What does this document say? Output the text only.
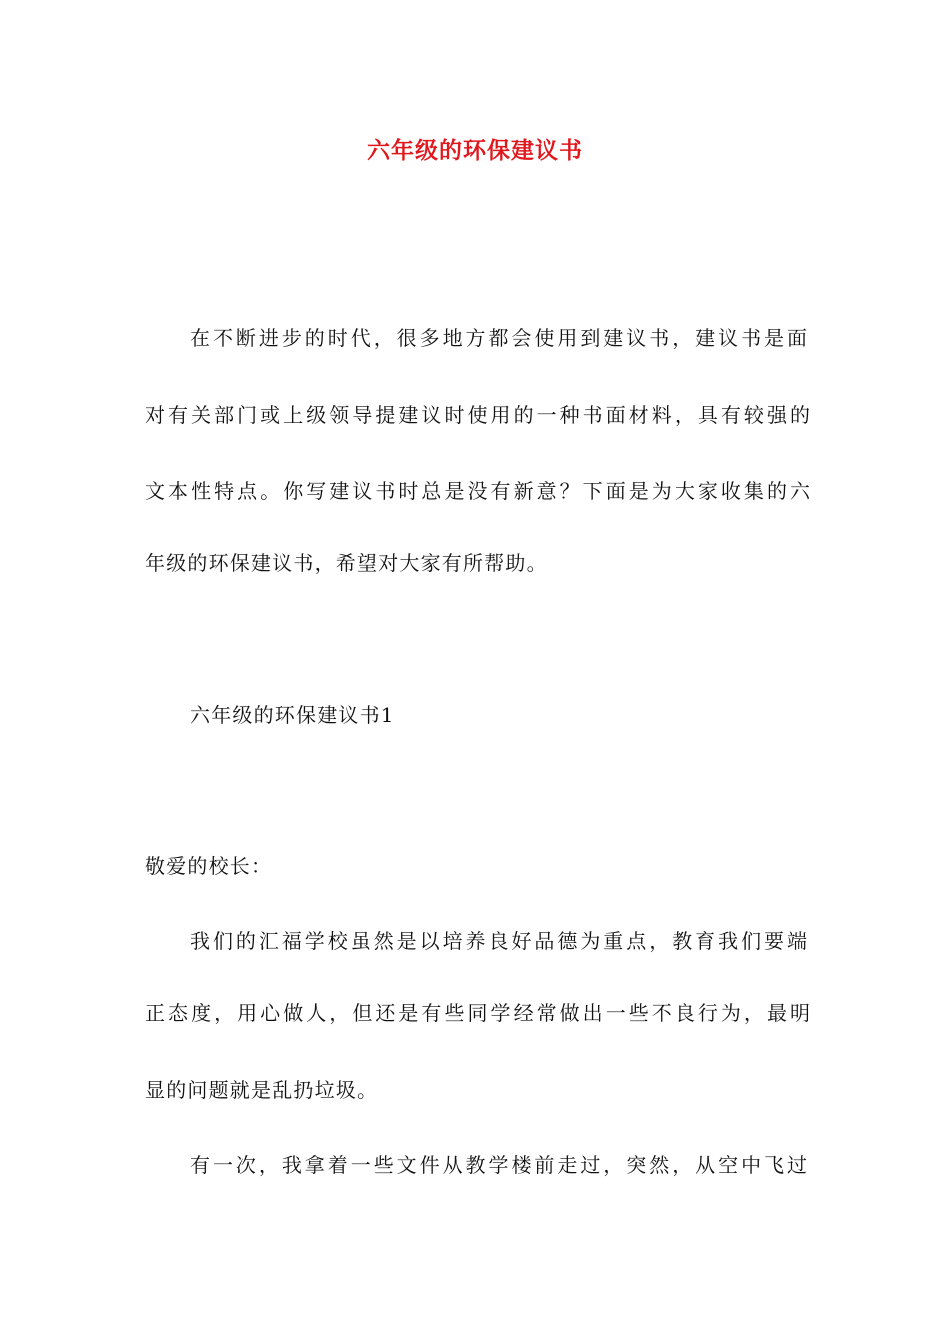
六年级的环保建议书
在不断进步的时代，很多地方都会使用到建议书，建议书是面
对有关部门或上级领导提建议时使用的一种书面材料，具有较强的
文本性特点。你写建议书时总是没有新意？下面是为大家收集的六
年级的环保建议书，希望对大家有所帮助。
六年级的环保建议书1
敬爱的校长：
我们的汇福学校虽然是以培养良好品德为重点，教育我们要端
正态度，用心做人，但还是有些同学经常做出一些不良行为，最明
显的问题就是乱扔垃圾。
有一次，我拿着一些文件从教学楼前走过，突然，从空中飞过
